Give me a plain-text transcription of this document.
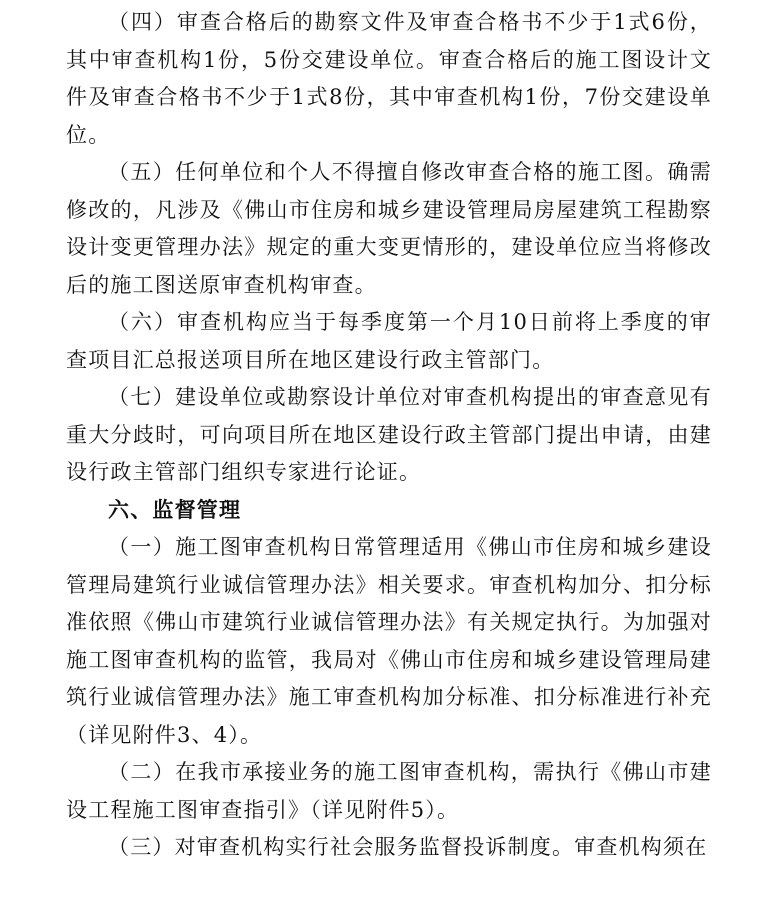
（四）审查合格后的勘察文件及审查合格书不少于1式6份，其中审查机构1份，5份交建设单位。审查合格后的施工图设计文件及审查合格书不少于1式8份，其中审查机构1份，7份交建设单位。

（五）任何单位和个人不得擅自修改审查合格的施工图。确需修改的，凡涉及《佛山市住房和城乡建设管理局房屋建筑工程勘察设计变更管理办法》规定的重大变更情形的，建设单位应当将修改后的施工图送原审查机构审查。

（六）审查机构应当于每季度第一个月10日前将上季度的审查项目汇总报送项目所在地区建设行政主管部门。

（七）建设单位或勘察设计单位对审查机构提出的审查意见有重大分歧时，可向项目所在地区建设行政主管部门提出申请，由建设行政主管部门组织专家进行论证。

六、监督管理

（一）施工图审查机构日常管理适用《佛山市住房和城乡建设管理局建筑行业诚信管理办法》相关要求。审查机构加分、扣分标准依照《佛山市建筑行业诚信管理办法》有关规定执行。为加强对施工图审查机构的监管，我局对《佛山市住房和城乡建设管理局建筑行业诚信管理办法》施工审查机构加分标准、扣分标准进行补充（详见附件3、4）。

（二）在我市承接业务的施工图审查机构，需执行《佛山市建设工程施工图审查指引》（详见附件5）。

（三）对审查机构实行社会服务监督投诉制度。审查机构须在
